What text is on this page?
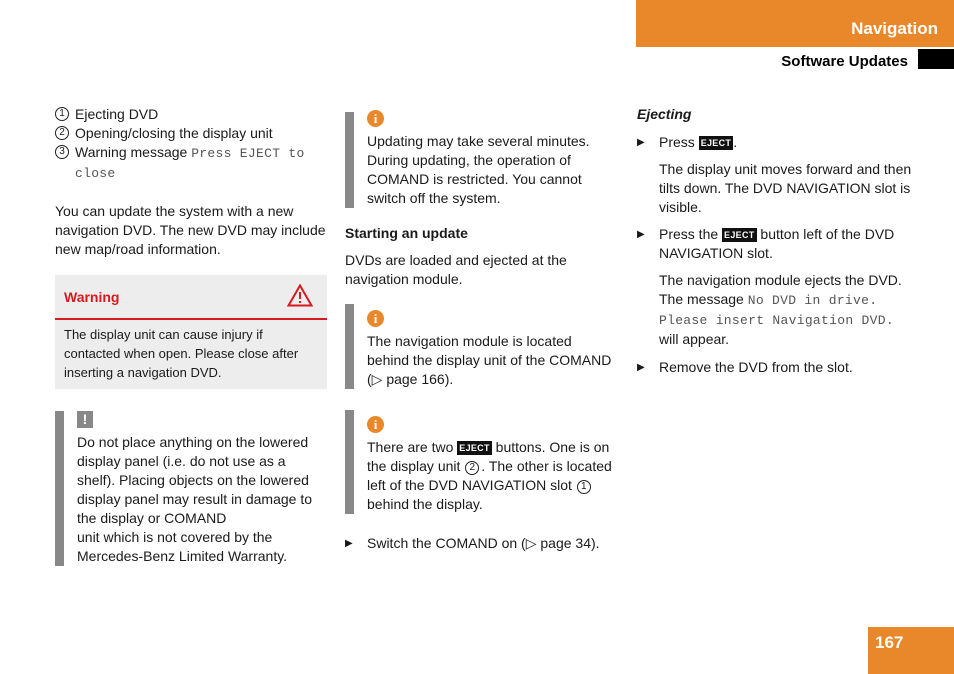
Navigation
Software Updates
1 Ejecting DVD
2 Opening/closing the display unit
3 Warning message Press EJECT to close

You can update the system with a new navigation DVD. The new DVD may include new map/road information.

Warning
The display unit can cause injury if contacted when open. Please close after inserting a navigation DVD.
!

Do not place anything on the lowered display panel (i.e. do not use as a shelf). Placing objects on the lowered display panel may result in damage to the display or COMAND

unit which is not covered by the Mercedes-Benz Limited Warranty.

i

Updating may take several minutes. During updating, the operation of COMAND is restricted. You cannot switch off the system.

Starting an update

DVDs are loaded and ejected at the navigation module.

i

The navigation module is located behind the display unit of the COMAND (▷ page 166).

i

There are two EJECT buttons. One is on the display unit 2 . The other is located left of the DVD NAVIGATION slot 1 behind the display.

▶	Switch the COMAND on (▷ page 34).

Ejecting

▶	Press EJECT .

The display unit moves forward and then tilts down. The DVD NAVIGATION slot is visible.

▶	Press the EJECT button left of the DVD NAVIGATION slot.

The navigation module ejects the DVD. The message No DVD in drive. Please insert Navigation DVD. will appear.

▶	Remove the DVD from the slot.
167
